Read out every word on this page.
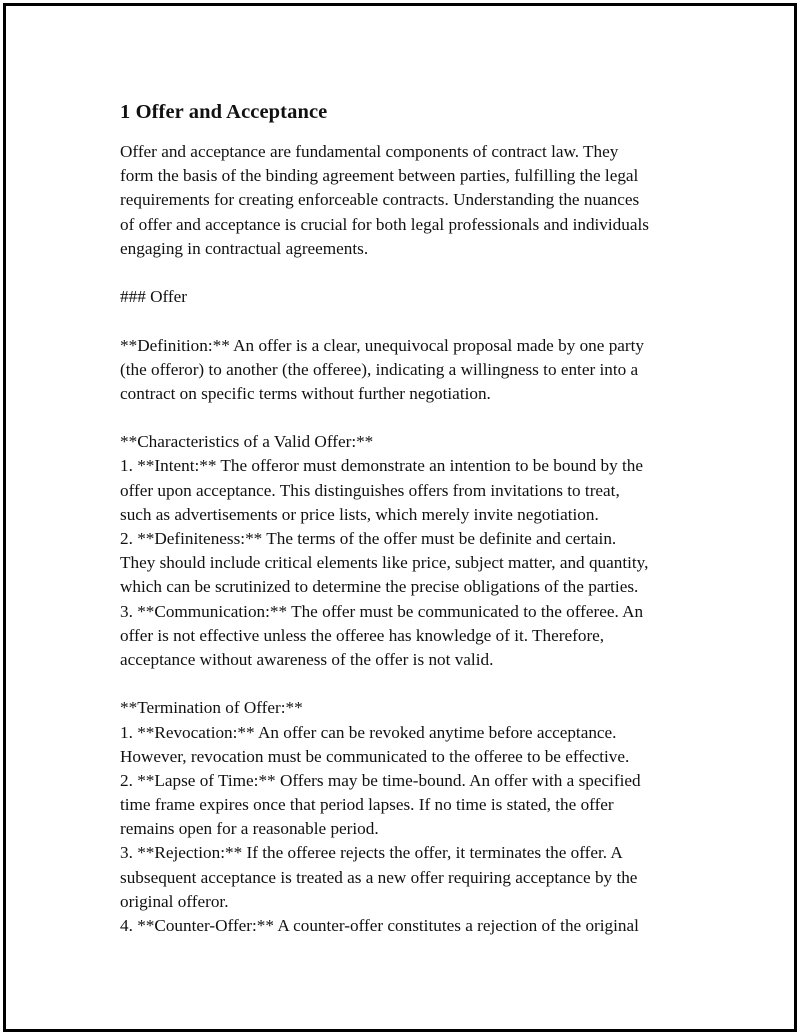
1 Offer and Acceptance
Offer and acceptance are fundamental components of contract law. They
form the basis of the binding agreement between parties, fulfilling the legal
requirements for creating enforceable contracts. Understanding the nuances
of offer and acceptance is crucial for both legal professionals and individuals
engaging in contractual agreements.
### Offer
**Definition:** An offer is a clear, unequivocal proposal made by one party
(the offeror) to another (the offeree), indicating a willingness to enter into a
contract on specific terms without further negotiation.
**Characteristics of a Valid Offer:**
1. **Intent:** The offeror must demonstrate an intention to be bound by the
offer upon acceptance. This distinguishes offers from invitations to treat,
such as advertisements or price lists, which merely invite negotiation.
2. **Definiteness:** The terms of the offer must be definite and certain.
They should include critical elements like price, subject matter, and quantity,
which can be scrutinized to determine the precise obligations of the parties.
3. **Communication:** The offer must be communicated to the offeree. An
offer is not effective unless the offeree has knowledge of it. Therefore,
acceptance without awareness of the offer is not valid.
**Termination of Offer:**
1. **Revocation:** An offer can be revoked anytime before acceptance.
However, revocation must be communicated to the offeree to be effective.
2. **Lapse of Time:** Offers may be time-bound. An offer with a specified
time frame expires once that period lapses. If no time is stated, the offer
remains open for a reasonable period.
3. **Rejection:** If the offeree rejects the offer, it terminates the offer. A
subsequent acceptance is treated as a new offer requiring acceptance by the
original offeror.
4. **Counter-Offer:** A counter-offer constitutes a rejection of the original
